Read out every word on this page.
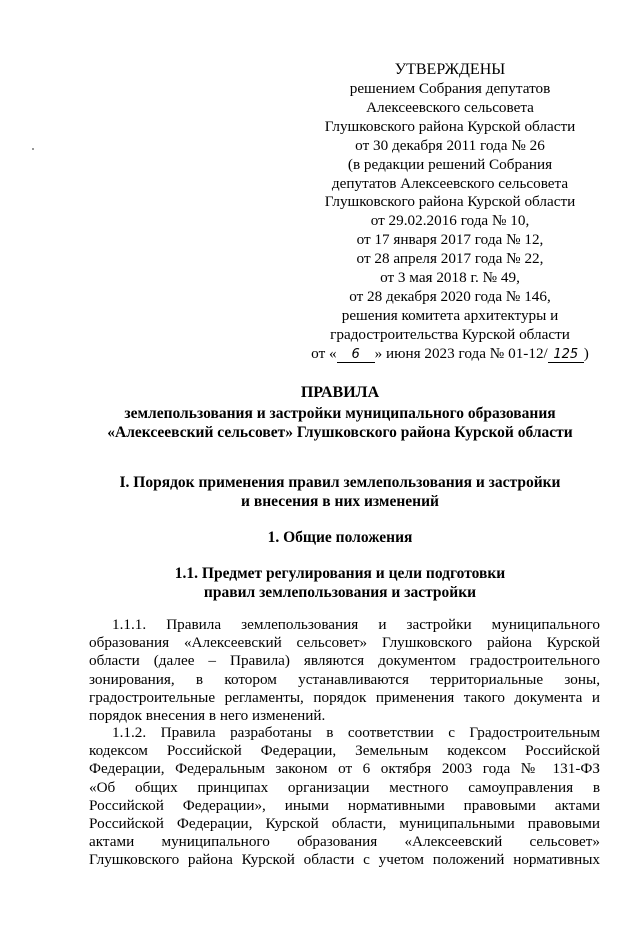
УТВЕРЖДЕНЫ
решением Собрания депутатов
Алексеевского сельсовета
Глушковского района Курской области
от 30 декабря 2011 года № 26
(в редакции решений Собрания
депутатов Алексеевского сельсовета
Глушковского района Курской области
от 29.02.2016 года № 10,
от 17 января 2017 года № 12,
от 28 апреля 2017 года № 22,
от 3 мая 2018 г. № 49,
от 28 декабря 2020 года № 146,
решения комитета архитектуры и
градостроительства Курской области
от « 6 » июня 2023 года № 01-12/ 125 )
ПРАВИЛА
землепользования и застройки муниципального образования
«Алексеевский сельсовет» Глушковского района Курской области
I. Порядок применения правил землепользования и застройки
и внесения в них изменений
1. Общие положения
1.1. Предмет регулирования и цели подготовки
правил землепользования и застройки
1.1.1. Правила землепользования и застройки муниципального
образования «Алексеевский сельсовет» Глушковского района Курской
области (далее – Правила) являются документом градостроительного
зонирования, в котором устанавливаются территориальные зоны,
градостроительные регламенты, порядок применения такого документа и
порядок внесения в него изменений.
1.1.2. Правила разработаны в соответствии с Градостроительным
кодексом Российской Федерации, Земельным кодексом Российской
Федерации, Федеральным законом от 6 октября 2003 года № 131-ФЗ
«Об общих принципах организации местного самоуправления в
Российской Федерации», иными нормативными правовыми актами
Российской Федерации, Курской области, муниципальными правовыми
актами муниципального образования «Алексеевский сельсовет»
Глушковского района Курской области с учетом положений нормативных
